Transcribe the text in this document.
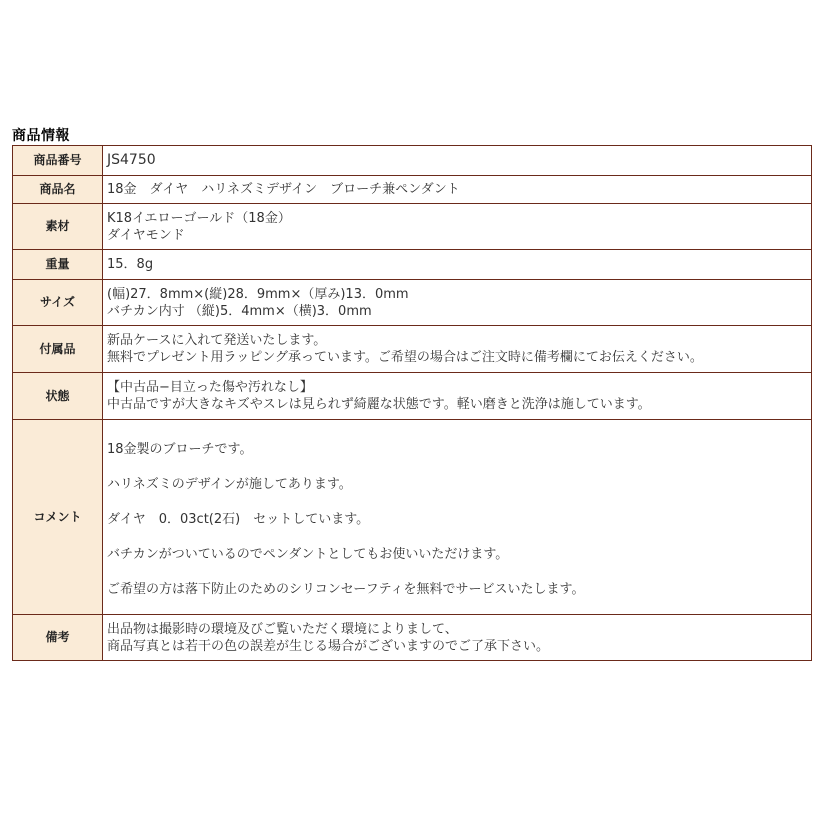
商品情報
商品番号	JS4750
商品名	18金　ダイヤ　ハリネズミデザイン　ブローチ兼ペンダント
素材	K18イエローゴールド（18金）
ダイヤモンド

重量	15．8g
サイズ	(幅)27．8mm×(縦)28．9mm×（厚み)13．0mm
バチカン内寸 （縦)5．4mm×（横)3．0mm

付属品	新品ケースに入れて発送いたします。
無料でプレゼント用ラッピング承っています。ご希望の場合はご注文時に備考欄にてお伝えください。

状態	【中古品−目立った傷や汚れなし】
中古品ですが大きなキズやスレは見られず綺麗な状態です。軽い磨きと洗浄は施しています。

コメント	18金製のブローチです。
ハリネズミのデザインが施してあります。
ダイヤ　0．03ct(2石)　セットしています。
バチカンがついているのでペンダントとしてもお使いいただけます。
ご希望の方は落下防止のためのシリコンセーフティを無料でサービスいたします。

備考	出品物は撮影時の環境及びご覧いただく環境によりまして、
商品写真とは若干の色の誤差が生じる場合がございますのでご了承下さい。
